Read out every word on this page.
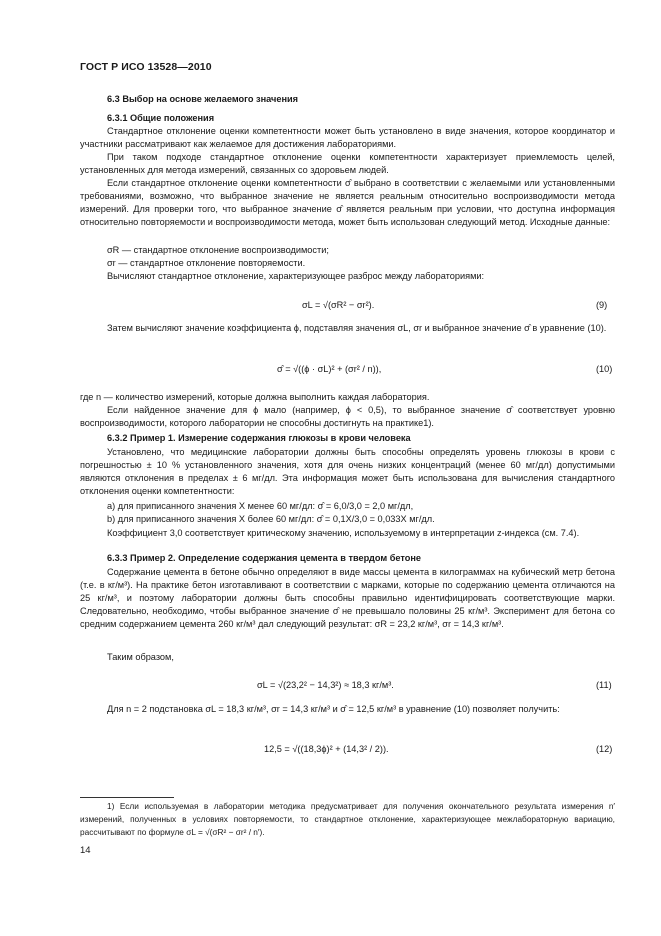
ГОСТ Р ИСО 13528—2010
6.3 Выбор на основе желаемого значения
6.3.1 Общие положения

Стандартное отклонение оценки компетентности может быть установлено в виде значения, которое координатор и участники рассматривают как желаемое для достижения лабораториями.

При таком подходе стандартное отклонение оценки компетентности характеризует приемлемость целей, установленных для метода измерений, связанных со здоровьем людей.

Если стандартное отклонение оценки компетентности σ̂ выбрано в соответствии с желаемыми или установленными требованиями, возможно, что выбранное значение не является реальным относительно воспроизводимости метода измерений. Для проверки того, что выбранное значение σ̂ является реальным при условии, что доступна информация относительно повторяемости и воспроизводимости метода, может быть использован следующий метод. Исходные данные:

σR — стандартное отклонение воспроизводимости;
σr — стандартное отклонение повторяемости.
Вычисляют стандартное отклонение, характеризующее разброс между лабораториями:
σL = √(σR² − σr²).	(9)

Затем вычисляют значение коэффициента ϕ, подставляя значения σL, σr и выбранное значение σ̂ в уравнение (10).

σ̂ = √((ϕ · σL)² + (σr² / n)),	(10)

где n — количество измерений, которые должна выполнить каждая лаборатория.

Если найденное значение для ϕ мало (например, ϕ < 0,5), то выбранное значение σ̂ соответствует уровню воспроизводимости, которого лаборатории не способны достигнуть на практике1).

6.3.2 Пример 1. Измерение содержания глюкозы в крови человека

Установлено, что медицинские лаборатории должны быть способны определять уровень глюкозы в крови с погрешностью ± 10 % установленного значения, хотя для очень низких концентраций (менее 60 мг/дл) допустимыми являются отклонения в пределах ± 6 мг/дл. Эта информация может быть использована для вычисления стандартного отклонения оценки компетентности:

а) для приписанного значения X менее 60 мг/дл: σ̂ = 6,0/3,0 = 2,0 мг/дл,
b) для приписанного значения X более 60 мг/дл: σ̂ = 0,1X/3,0 = 0,033X мг/дл.

Коэффициент 3,0 соответствует критическому значению, используемому в интерпретации z-индекса (см. 7.4).

6.3.3 Пример 2. Определение содержания цемента в твердом бетоне

Содержание цемента в бетоне обычно определяют в виде массы цемента в килограммах на кубический метр бетона (т.е. в кг/м³). На практике бетон изготавливают в соответствии с марками, которые по содержанию цемента отличаются на 25 кг/м³, и поэтому лаборатории должны быть способны правильно идентифицировать соответствующие марки. Следовательно, необходимо, чтобы выбранное значение σ̂ не превышало половины 25 кг/м³. Эксперимент для бетона со средним содержанием цемента 260 кг/м³ дал следующий результат: σR = 23,2 кг/м³, σr = 14,3 кг/м³.

Таким образом,

σL = √(23,2² − 14,3²) ≈ 18,3 кг/м³.	(11)

Для n = 2 подстановка σL = 18,3 кг/м³, σr = 14,3 кг/м³ и σ̂ = 12,5 кг/м³ в уравнение (10) позволяет получить:

12,5 = √((18,3ϕ)² + (14,3² / 2)).	(12)

1) Если используемая в лаборатории методика предусматривает для получения окончательного результата измерения n′ измерений, полученных в условиях повторяемости, то стандартное отклонение, характеризующее межлабораторную вариацию, рассчитывают по формуле σL = √(σR² − σr² / n′).

14
